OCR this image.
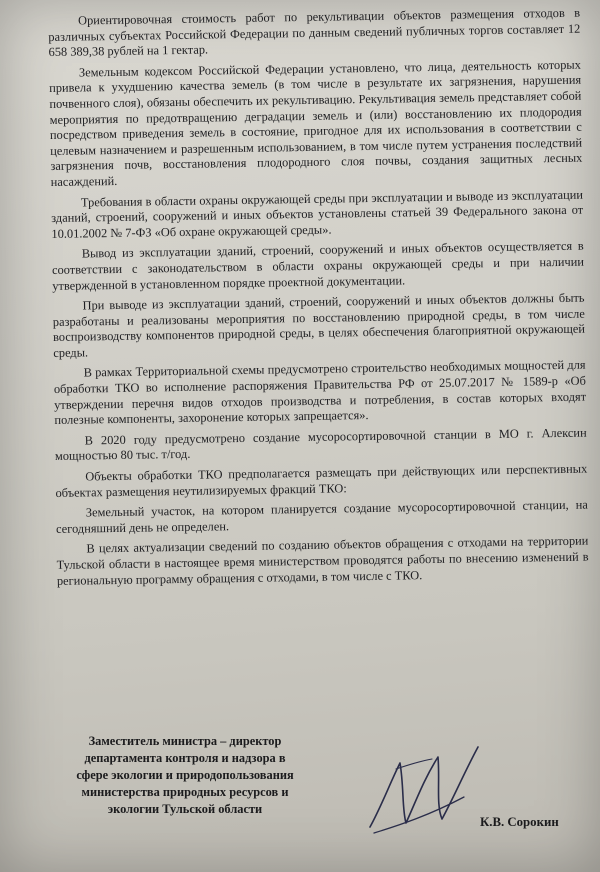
Ориентировочная стоимость работ по рекультивации объектов размещения отходов в различных субъектах Российской Федерации по данным сведений публичных торгов составляет 12 658 389,38 рублей на 1 гектар.

Земельным кодексом Российской Федерации установлено, что лица, деятельность которых привела к ухудшению качества земель (в том числе в результате их загрязнения, нарушения почвенного слоя), обязаны обеспечить их рекультивацию. Рекультивация земель представляет собой мероприятия по предотвращению деградации земель и (или) восстановлению их плодородия посредством приведения земель в состояние, пригодное для их использования в соответствии с целевым назначением и разрешенным использованием, в том числе путем устранения последствий загрязнения почв, восстановления плодородного слоя почвы, создания защитных лесных насаждений.

Требования в области охраны окружающей среды при эксплуатации и выводе из эксплуатации зданий, строений, сооружений и иных объектов установлены статьей 39 Федерального закона от 10.01.2002 № 7-ФЗ «Об охране окружающей среды».

Вывод из эксплуатации зданий, строений, сооружений и иных объектов осуществляется в соответствии с законодательством в области охраны окружающей среды и при наличии утвержденной в установленном порядке проектной документации.

При выводе из эксплуатации зданий, строений, сооружений и иных объектов должны быть разработаны и реализованы мероприятия по восстановлению природной среды, в том числе воспроизводству компонентов природной среды, в целях обеспечения благоприятной окружающей среды.

В рамках Территориальной схемы предусмотрено строительство необходимых мощностей для обработки ТКО во исполнение распоряжения Правительства РФ от 25.07.2017 № 1589-р «Об утверждении перечня видов отходов производства и потребления, в состав которых входят полезные компоненты, захоронение которых запрещается».

В 2020 году предусмотрено создание мусоросортировочной станции в МО г. Алексин мощностью 80 тыс. т/год.

Объекты обработки ТКО предполагается размещать при действующих или перспективных объектах размещения неутилизируемых фракций ТКО:

Земельный участок, на котором планируется создание мусоросортировочной станции, на сегодняшний день не определен.

В целях актуализации сведений по созданию объектов обращения с отходами на территории Тульской области в настоящее время министерством проводятся работы по внесению изменений в региональную программу обращения с отходами, в том числе с ТКО.

Заместитель министра – директор
департамента контроля и надзора в
сфере экологии и природопользования
министерства природных ресурсов и
экологии Тульской области
К.В. Сорокин
